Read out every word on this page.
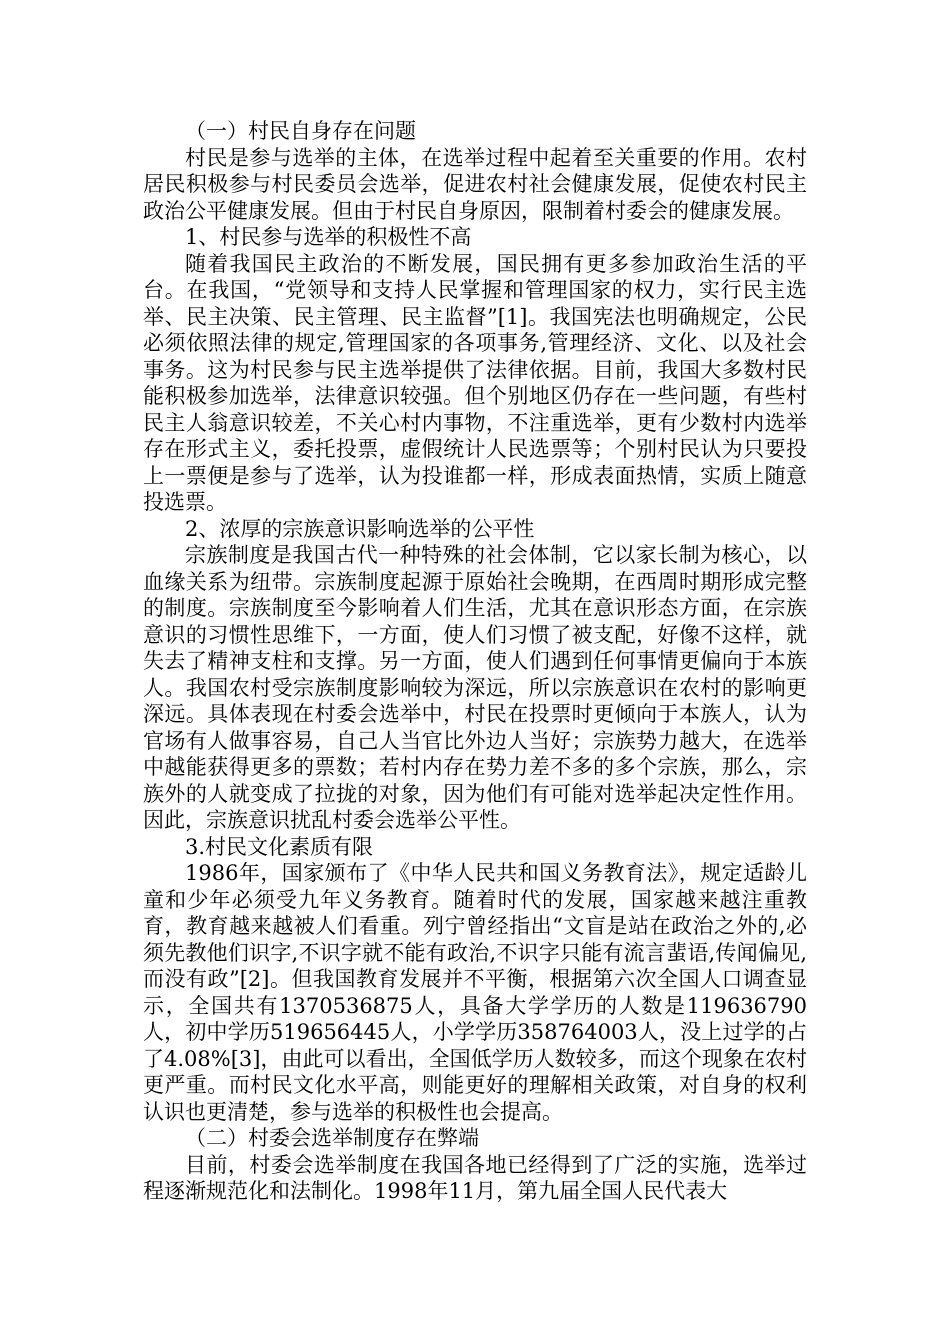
（一）村民自身存在问题

村民是参与选举的主体，在选举过程中起着至关重要的作用。农村居民积极参与村民委员会选举，促进农村社会健康发展，促使农村民主政治公平健康发展。但由于村民自身原因，限制着村委会的健康发展。

1、村民参与选举的积极性不高

随着我国民主政治的不断发展，国民拥有更多参加政治生活的平台。在我国，“党领导和支持人民掌握和管理国家的权力，实行民主选举、民主决策、民主管理、民主监督”[1]。我国宪法也明确规定，公民必须依照法律的规定,管理国家的各项事务,管理经济、文化、以及社会事务。这为村民参与民主选举提供了法律依据。目前，我国大多数村民能积极参加选举，法律意识较强。但个别地区仍存在一些问题，有些村民主人翁意识较差，不关心村内事物，不注重选举，更有少数村内选举存在形式主义，委托投票，虚假统计人民选票等；个别村民认为只要投上一票便是参与了选举，认为投谁都一样，形成表面热情，实质上随意投选票。

2、浓厚的宗族意识影响选举的公平性

宗族制度是我国古代一种特殊的社会体制，它以家长制为核心，以血缘关系为纽带。宗族制度起源于原始社会晚期，在西周时期形成完整的制度。宗族制度至今影响着人们生活，尤其在意识形态方面，在宗族意识的习惯性思维下，一方面，使人们习惯了被支配，好像不这样，就失去了精神支柱和支撑。另一方面，使人们遇到任何事情更偏向于本族人。我国农村受宗族制度影响较为深远，所以宗族意识在农村的影响更深远。具体表现在村委会选举中，村民在投票时更倾向于本族人，认为官场有人做事容易，自己人当官比外边人当好；宗族势力越大，在选举中越能获得更多的票数；若村内存在势力差不多的多个宗族，那么，宗族外的人就变成了拉拢的对象，因为他们有可能对选举起决定性作用。因此，宗族意识扰乱村委会选举公平性。

3.村民文化素质有限

1986年，国家颁布了《中华人民共和国义务教育法》，规定适龄儿童和少年必须受九年义务教育。随着时代的发展，国家越来越注重教育，教育越来越被人们看重。列宁曾经指出“文盲是站在政治之外的,必须先教他们识字,不识字就不能有政治,不识字只能有流言蜚语,传闻偏见,而没有政”[2]。但我国教育发展并不平衡，根据第六次全国人口调查显示，全国共有1370536875人，具备大学学历的人数是119636790人，初中学历519656445人，小学学历358764003人，没上过学的占了4.08%[3]，由此可以看出，全国低学历人数较多，而这个现象在农村更严重。而村民文化水平高，则能更好的理解相关政策，对自身的权利认识也更清楚，参与选举的积极性也会提高。

（二）村委会选举制度存在弊端

目前，村委会选举制度在我国各地已经得到了广泛的实施，选举过程逐渐规范化和法制化。1998年11月，第九届全国人民代表大
